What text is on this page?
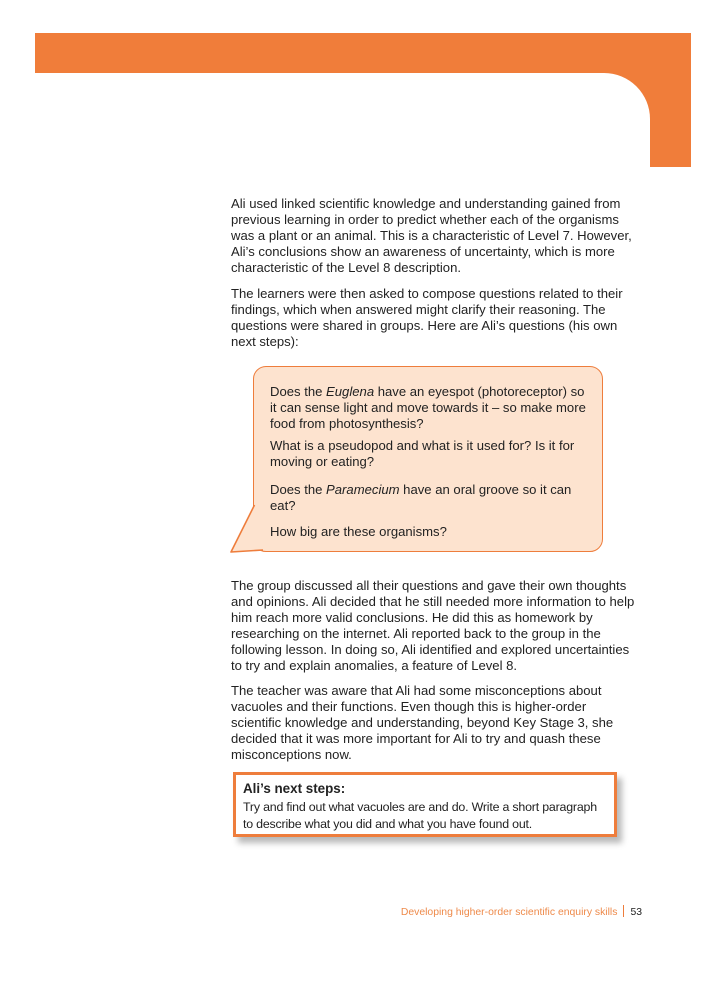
Ali used linked scientific knowledge and understanding gained from previous learning in order to predict whether each of the organisms was a plant or an animal. This is a characteristic of Level 7. However, Ali’s conclusions show an awareness of uncertainty, which is more characteristic of the Level 8 description.

The learners were then asked to compose questions related to their findings, which when answered might clarify their reasoning. The questions were shared in groups. Here are Ali’s questions (his own next steps):

Does the Euglena have an eyespot (photoreceptor) so it can sense light and move towards it – so make more food from photosynthesis?

What is a pseudopod and what is it used for? Is it for moving or eating?

Does the Paramecium have an oral groove so it can eat?

How big are these organisms?

The group discussed all their questions and gave their own thoughts and opinions. Ali decided that he still needed more information to help him reach more valid conclusions. He did this as homework by researching on the internet. Ali reported back to the group in the following lesson. In doing so, Ali identified and explored uncertainties to try and explain anomalies, a feature of Level 8.

The teacher was aware that Ali had some misconceptions about vacuoles and their functions. Even though this is higher-order scientific knowledge and understanding, beyond Key Stage 3, she decided that it was more important for Ali to try and quash these misconceptions now.

Ali’s next steps:

Try and find out what vacuoles are and do. Write a short paragraph to describe what you did and what you have found out.

Developing higher-order scientific enquiry skills 53
